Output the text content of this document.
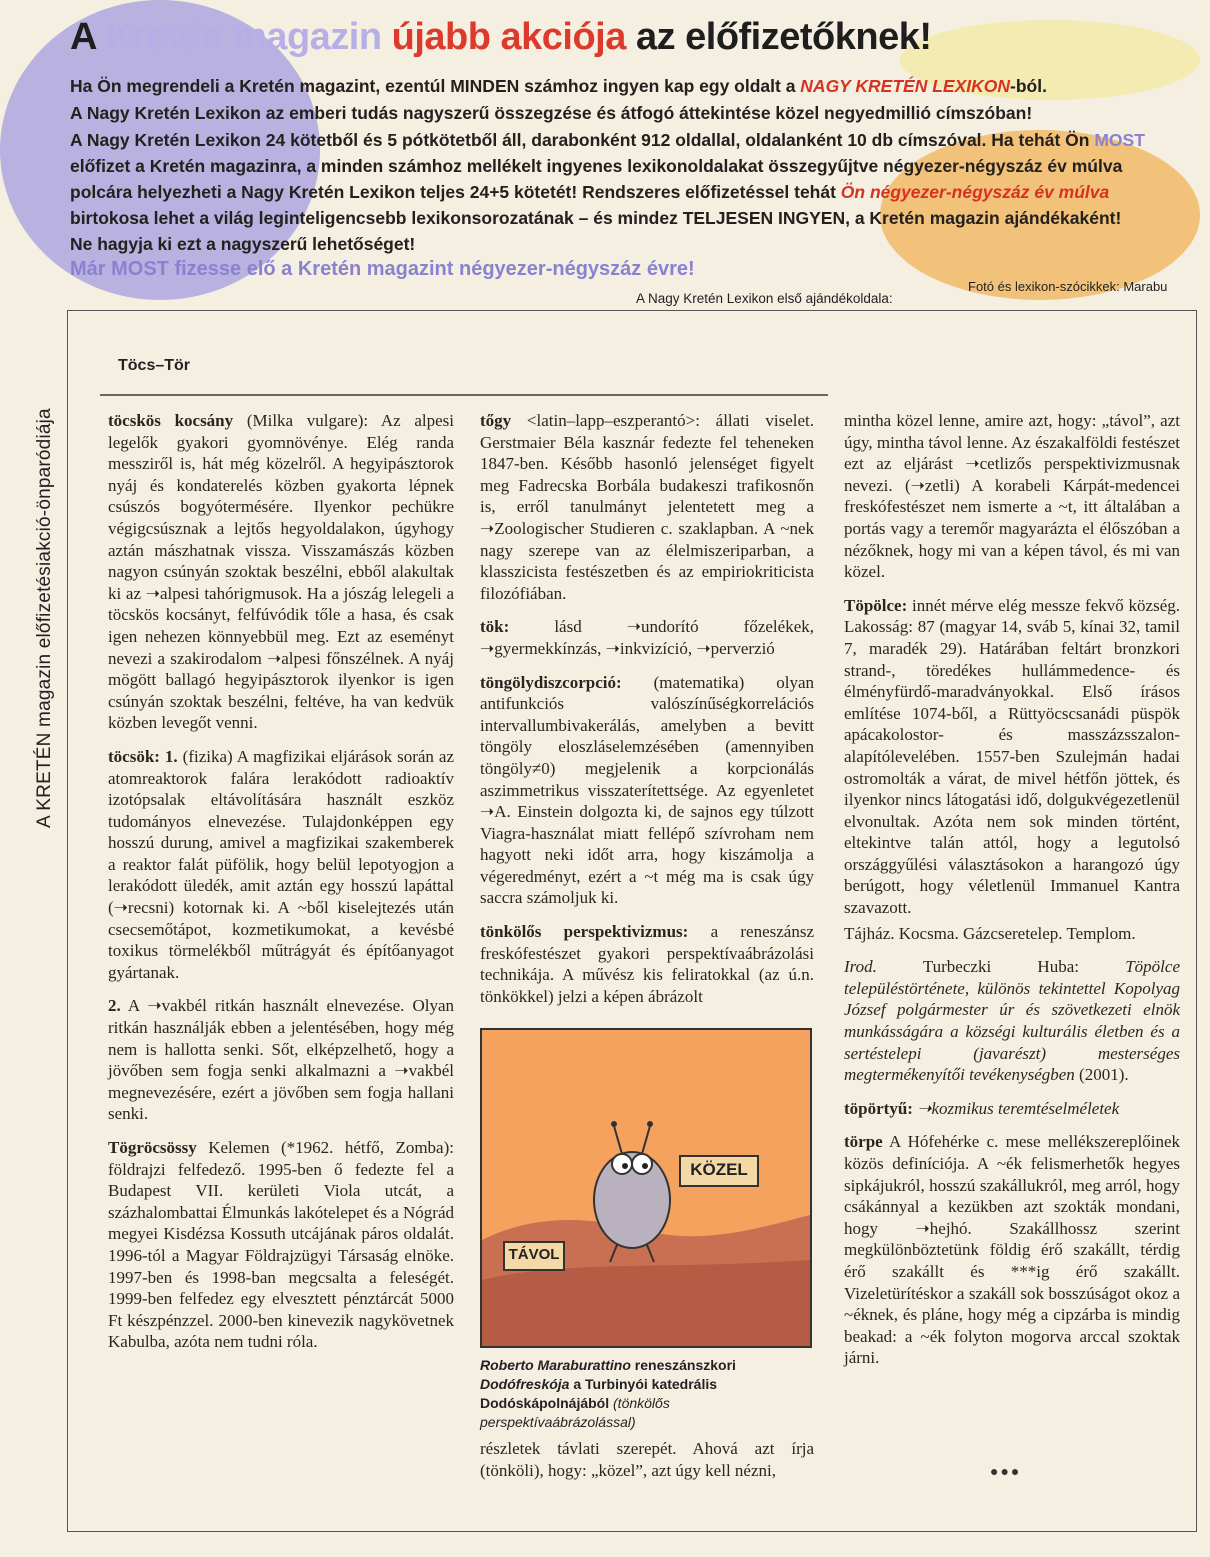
A Kretén magazin újabb akciója az előfizetőknek!
Ha Ön megrendeli a Kretén magazint, ezentúl MINDEN számhoz ingyen kap egy oldalt a NAGY KRETÉN LEXIKON-ból.
A Nagy Kretén Lexikon az emberi tudás nagyszerű összegzése és átfogó áttekintése közel negyedmillió címszóban!
A Nagy Kretén Lexikon 24 kötetből és 5 pótkötetből áll, darabonként 912 oldallal, oldalanként 10 db címszóval. Ha tehát Ön MOST
előfizet a Kretén magazinra, a minden számhoz mellékelt ingyenes lexikonoldalakat összegyűjtve négyezer-négyszáz év múlva
polcára helyezheti a Nagy Kretén Lexikon teljes 24+5 kötetét! Rendszeres előfizetéssel tehát Ön négyezer-négyszáz év múlva
birtokosa lehet a világ leginteligencsebb lexikonsorozatának – és mindez TELJESEN INGYEN, a Kretén magazin ajándékaként!
Ne hagyja ki ezt a nagyszerű lehetőséget!
Már MOST fizesse elő a Kretén magazint négyezer-négyszáz évre!
Fotó és lexikon-szócikkek: Marabu
A Nagy Kretén Lexikon első ajándékoldala:
A KRETÉN magazin előfizetésiakció-önparódiája
Töcs–Tör

töcskös kocsány (Milka vulgare): Az alpesi legelők gyakori gyomnövénye. Elég randa messziről is, hát még közelről. A hegyipásztorok nyáj és kondaterelés közben gyakorta lépnek csúszós bogyótermésére. Ilyenkor pechükre végigcsúsznak a lejtős hegyoldalakon, úgyhogy aztán mászhatnak vissza. Visszamászás közben nagyon csúnyán szoktak beszélni, ebből alakultak ki az ➝alpesi tahórigmusok. Ha a jószág lelegeli a töcskös kocsányt, felfúvódik tőle a hasa, és csak igen nehezen könnyebbül meg. Ezt az eseményt nevezi a szakirodalom ➝alpesi főnszélnek. A nyáj mögött ballagó hegyipásztorok ilyenkor is igen csúnyán szoktak beszélni, feltéve, ha van kedvük közben levegőt venni.

töcsök: 1. (fizika) A magfizikai eljárások során az atomreaktorok falára lerakódott radioaktív izotópsalak eltávolítására használt eszköz tudományos elnevezése. Tulajdonképpen egy hosszú durung, amivel a magfizikai szakemberek a reaktor falát püfölik, hogy belül lepotyogjon a lerakódott üledék, amit aztán egy hosszú lapáttal (➝recsni) kotornak ki. A ~ből kiselejtezés után csecsemőtápot, kozmetikumokat, a kevésbé toxikus törmelékből műtrágyát és építőanyagot gyártanak.

2. A ➝vakbél ritkán használt elnevezése. Olyan ritkán használják ebben a jelentésében, hogy még nem is hallotta senki. Sőt, elképzelhető, hogy a jövőben sem fogja senki alkalmazni a ➝vakbél megnevezésére, ezért a jövőben sem fogja hallani senki.

Tögröcsössy Kelemen (*1962. hétfő, Zomba): földrajzi felfedező. 1995-ben ő fedezte fel a Budapest VII. kerületi Viola utcát, a százhalombattai Élmunkás lakótelepet és a Nógrád megyei Kisdézsa Kossuth utcájának páros oldalát. 1996-tól a Magyar Földrajzügyi Társaság elnöke. 1997-ben és 1998-ban megcsalta a feleségét. 1999-ben felfedez egy elvesztett pénztárcát 5000 Ft készpénzzel. 2000-ben kinevezik nagykövetnek Kabulba, azóta nem tudni róla.

tőgy <latin–lapp–eszperantó>: állati viselet. Gerstmaier Béla kasznár fedezte fel teheneken 1847-ben. Később hasonló jelenséget figyelt meg Fadrecska Borbála budakeszi trafikosnőn is, erről tanulmányt jelentetett meg a ➝Zoologischer Studieren c. szaklapban. A ~nek nagy szerepe van az élelmiszeriparban, a klasszicista festészetben és az empiriokriticista filozófiában.

tök: lásd ➝undorító főzelékek, ➝gyermekkínzás, ➝inkvizíció, ➝perverzió

töngölydiszcorpció: (matematika) olyan antifunkciós valószínűségkorrelációs intervallumbivakerálás, amelyben a bevitt töngöly eloszláselemzésében (amennyiben töngöly≠0) megjelenik a korpcionálás aszimmetrikus visszaterítettsége. Az egyenletet ➝A. Einstein dolgozta ki, de sajnos egy túlzott Viagra-használat miatt fellépő szívroham nem hagyott neki időt arra, hogy kiszámolja a végeredményt, ezért a ~t még ma is csak úgy saccra számoljuk ki.

tönkölős perspektivizmus: a reneszánsz freskófestészet gyakori perspektívaábrázolási technikája. A művész kis feliratokkal (az ú.n. tönkökkel) jelzi a képen ábrázolt

KÖZEL
TÁVOL
Roberto Maraburattino reneszánszkori Dodófreskója a Turbinyói katedrális Dodóskápolnájából (tönkölős perspektívaábrázolással)

részletek távlati szerepét. Ahová azt írja (tönköli), hogy: „közel”, azt úgy kell nézni,

mintha közel lenne, amire azt, hogy: „távol”, azt úgy, mintha távol lenne. Az északalföldi festészet ezt az eljárást ➝cetlizős perspektivizmusnak nevezi. (➝zetli) A korabeli Kárpát-medencei freskófestészet nem ismerte a ~t, itt általában a portás vagy a teremőr magyarázta el élőszóban a nézőknek, hogy mi van a képen távol, és mi van közel.

Töpölce: innét mérve elég messze fekvő község. Lakosság: 87 (magyar 14, sváb 5, kínai 32, tamil 7, maradék 29). Határában feltárt bronzkori strand-, töredékes hullámmedence- és élményfürdő-maradványokkal. Első írásos említése 1074-ből, a Rüttyöcscsanádi püspök apácakolostor- és masszázsszalon-alapítólevelében. 1557-ben Szulejmán hadai ostromolták a várat, de mivel hétfőn jöttek, és ilyenkor nincs látogatási idő, dolgukvégezetlenül elvonultak. Azóta nem sok minden történt, eltekintve talán attól, hogy a legutolsó országgyűlési választásokon a harangozó úgy berúgott, hogy véletlenül Immanuel Kantra szavazott.

Tájház. Kocsma. Gázcseretelep. Templom.

Irod. Turbeczki Huba: Töpölce településtörténete, különös tekintettel Kopolyag József polgármester úr és szövetkezeti elnök munkásságára a községi kulturális életben és a sertéstelepi (javarészt) mesterséges megtermékenyítői tevékenységben (2001).

töpörtyű: ➝kozmikus teremtéselméletek

törpe A Hófehérke c. mese mellékszereplőinek közös definíciója. A ~ék felismerhetők hegyes sipkájukról, hosszú szakállukról, meg arról, hogy csákánnyal a kezükben azt szokták mondani, hogy ➝hejhó. Szakállhossz szerint megkülönböztetünk földig érő szakállt, térdig érő szakállt és ***ig érő szakállt. Vizeletürítéskor a szakáll sok bosszúságot okoz a ~éknek, és pláne, hogy még a cipzárba is mindig beakad: a ~ék folyton mogorva arccal szoktak járni.

●●●
